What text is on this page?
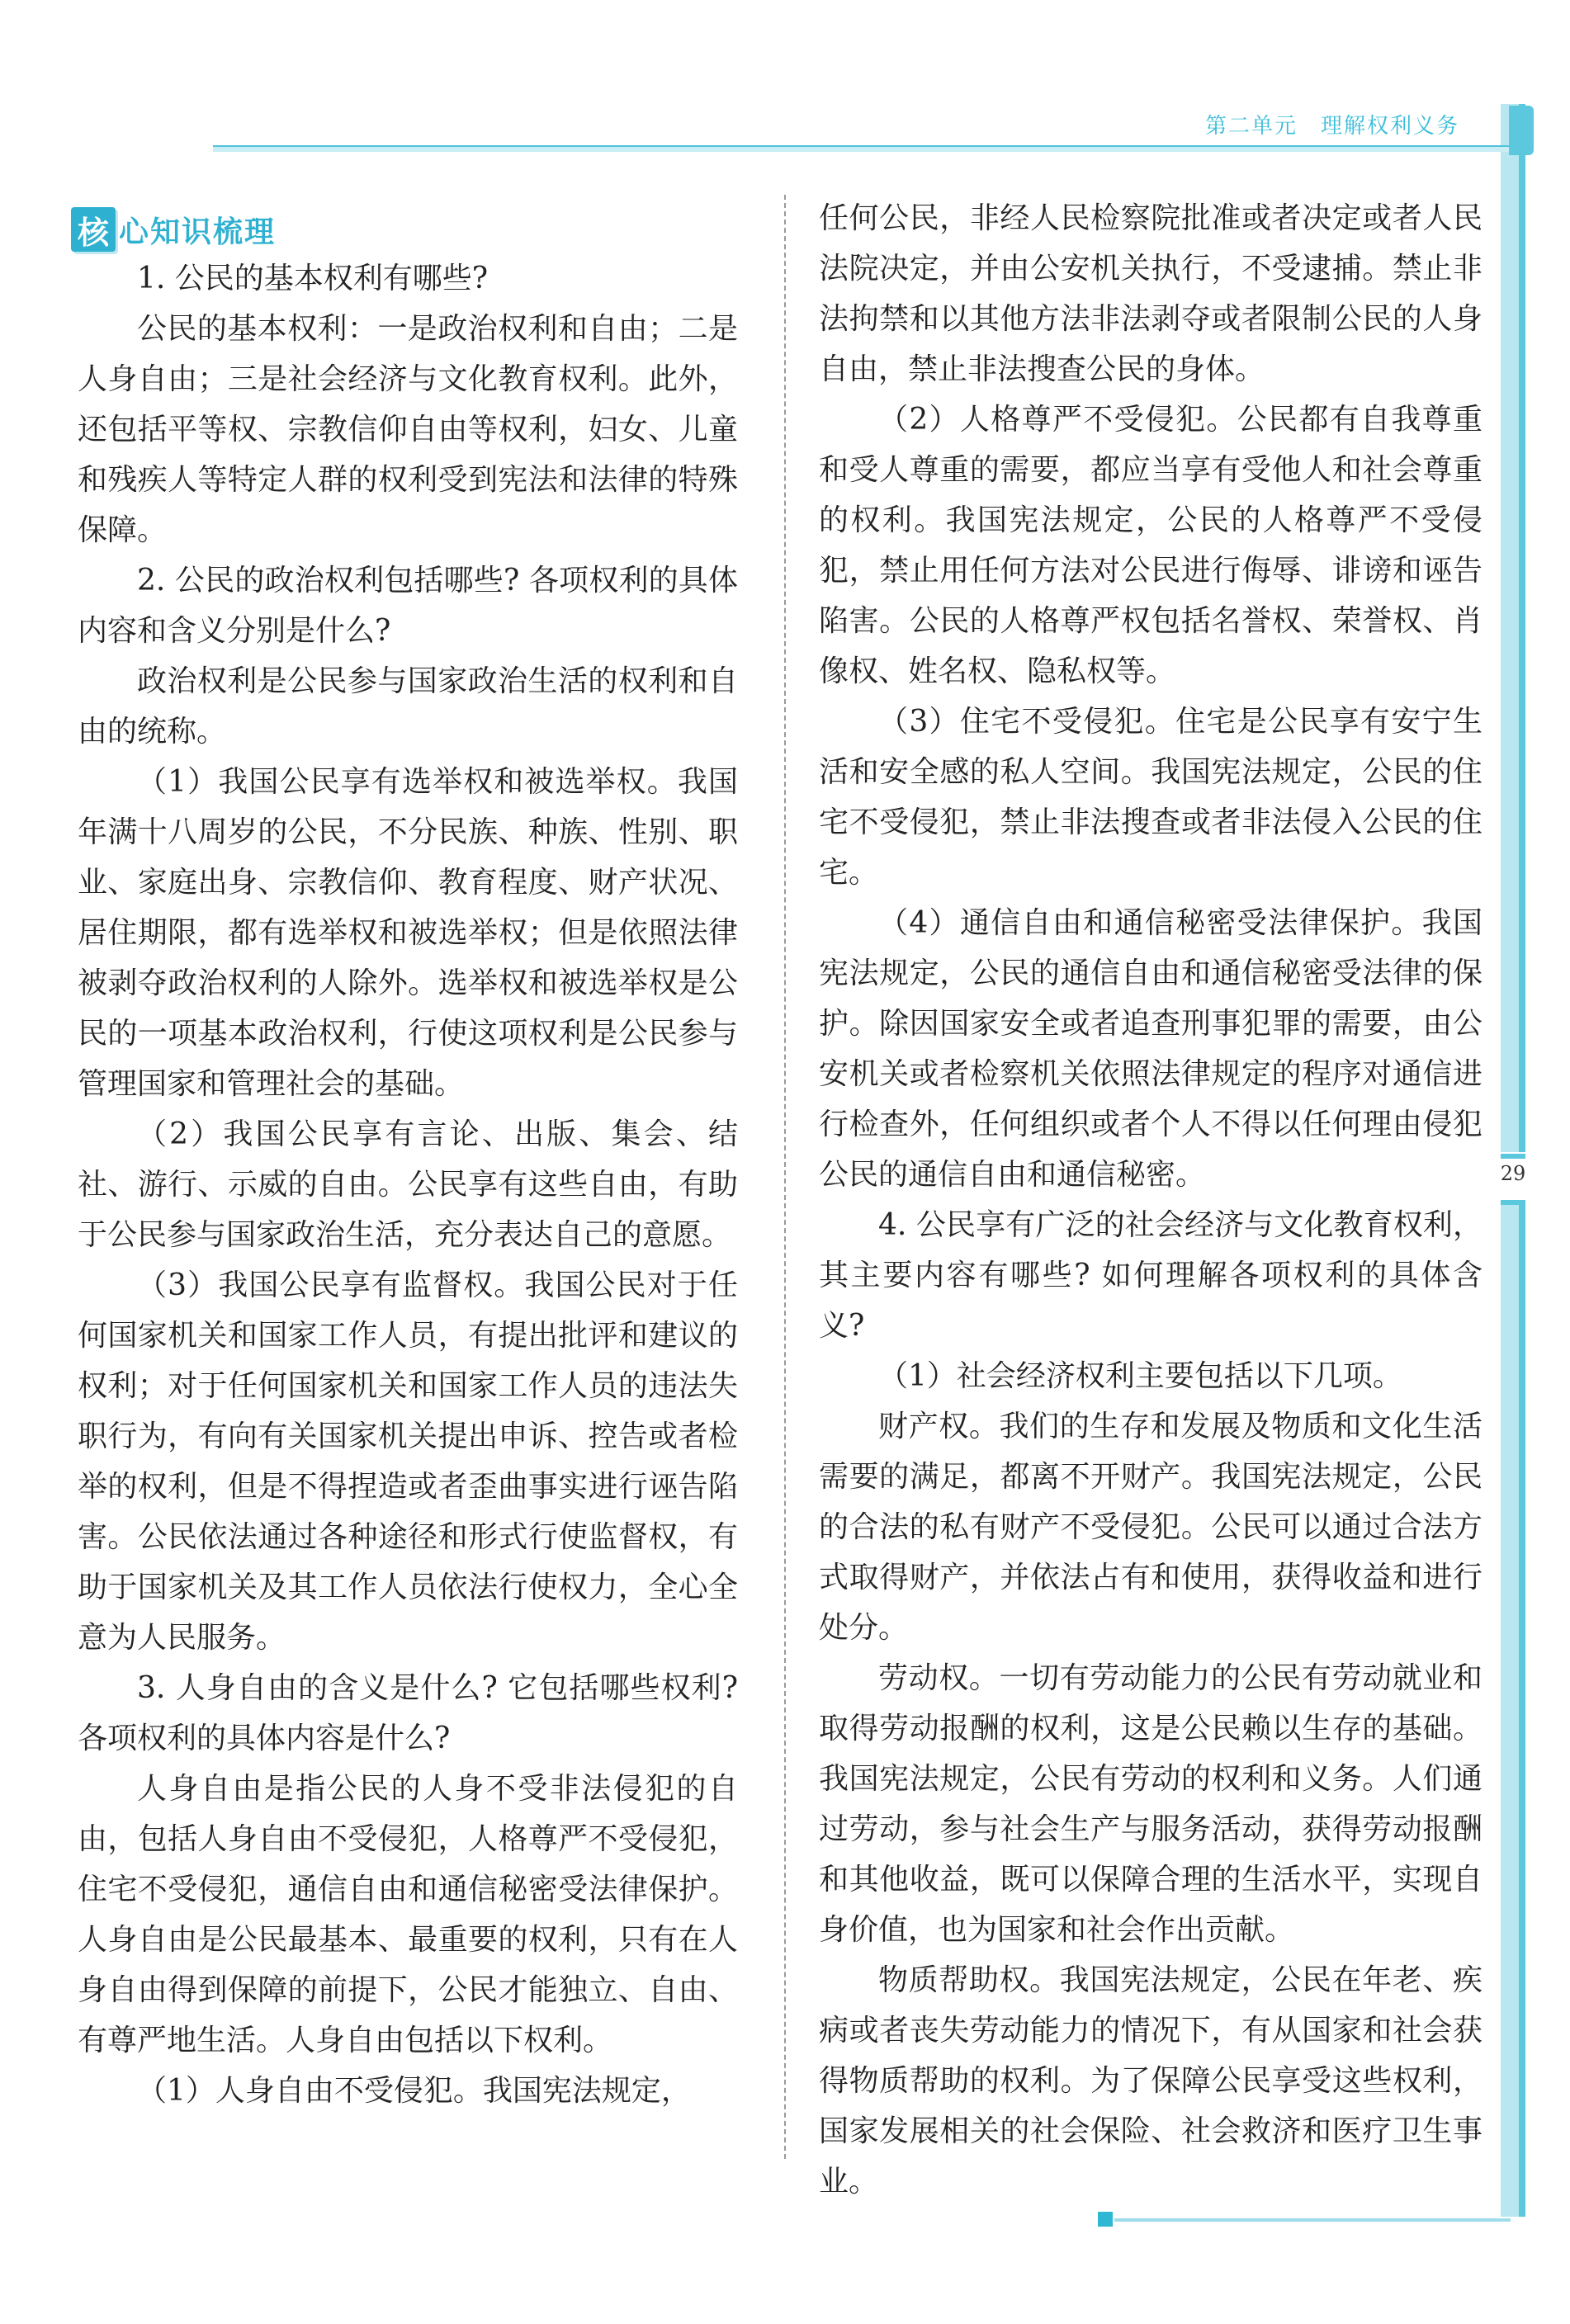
第二单元　理解权利义务
29
核 心知识梳理

1. 公民的基本权利有哪些?

公民的基本权利：一是政治权利和自由；二是人身自由；三是社会经济与文化教育权利。此外，还包括平等权、宗教信仰自由等权利，妇女、儿童和残疾人等特定人群的权利受到宪法和法律的特殊保障。

2. 公民的政治权利包括哪些? 各项权利的具体内容和含义分别是什么?

政治权利是公民参与国家政治生活的权利和自由的统称。

（1）我国公民享有选举权和被选举权。我国年满十八周岁的公民，不分民族、种族、性别、职业、家庭出身、宗教信仰、教育程度、财产状况、居住期限，都有选举权和被选举权；但是依照法律被剥夺政治权利的人除外。选举权和被选举权是公民的一项基本政治权利，行使这项权利是公民参与管理国家和管理社会的基础。

（2）我国公民享有言论、出版、集会、结社、游行、示威的自由。公民享有这些自由，有助于公民参与国家政治生活，充分表达自己的意愿。

（3）我国公民享有监督权。我国公民对于任何国家机关和国家工作人员，有提出批评和建议的权利；对于任何国家机关和国家工作人员的违法失职行为，有向有关国家机关提出申诉、控告或者检举的权利，但是不得捏造或者歪曲事实进行诬告陷害。公民依法通过各种途径和形式行使监督权，有助于国家机关及其工作人员依法行使权力，全心全意为人民服务。

3. 人身自由的含义是什么? 它包括哪些权利? 各项权利的具体内容是什么?

人身自由是指公民的人身不受非法侵犯的自由，包括人身自由不受侵犯，人格尊严不受侵犯，住宅不受侵犯，通信自由和通信秘密受法律保护。人身自由是公民最基本、最重要的权利，只有在人身自由得到保障的前提下，公民才能独立、自由、有尊严地生活。人身自由包括以下权利。

（1）人身自由不受侵犯。我国宪法规定，

任何公民，非经人民检察院批准或者决定或者人民法院决定，并由公安机关执行，不受逮捕。禁止非法拘禁和以其他方法非法剥夺或者限制公民的人身自由，禁止非法搜查公民的身体。

（2）人格尊严不受侵犯。公民都有自我尊重和受人尊重的需要，都应当享有受他人和社会尊重的权利。我国宪法规定，公民的人格尊严不受侵犯，禁止用任何方法对公民进行侮辱、诽谤和诬告陷害。公民的人格尊严权包括名誉权、荣誉权、肖像权、姓名权、隐私权等。

（3）住宅不受侵犯。住宅是公民享有安宁生活和安全感的私人空间。我国宪法规定，公民的住宅不受侵犯，禁止非法搜查或者非法侵入公民的住宅。

（4）通信自由和通信秘密受法律保护。我国宪法规定，公民的通信自由和通信秘密受法律的保护。除因国家安全或者追查刑事犯罪的需要，由公安机关或者检察机关依照法律规定的程序对通信进行检查外，任何组织或者个人不得以任何理由侵犯公民的通信自由和通信秘密。

4. 公民享有广泛的社会经济与文化教育权利，其主要内容有哪些? 如何理解各项权利的具体含义?

（1）社会经济权利主要包括以下几项。

财产权。我们的生存和发展及物质和文化生活需要的满足，都离不开财产。我国宪法规定，公民的合法的私有财产不受侵犯。公民可以通过合法方式取得财产，并依法占有和使用，获得收益和进行处分。

劳动权。一切有劳动能力的公民有劳动就业和取得劳动报酬的权利，这是公民赖以生存的基础。我国宪法规定，公民有劳动的权利和义务。人们通过劳动，参与社会生产与服务活动，获得劳动报酬和其他收益，既可以保障合理的生活水平，实现自身价值，也为国家和社会作出贡献。

物质帮助权。我国宪法规定，公民在年老、疾病或者丧失劳动能力的情况下，有从国家和社会获得物质帮助的权利。为了保障公民享受这些权利，国家发展相关的社会保险、社会救济和医疗卫生事业。
